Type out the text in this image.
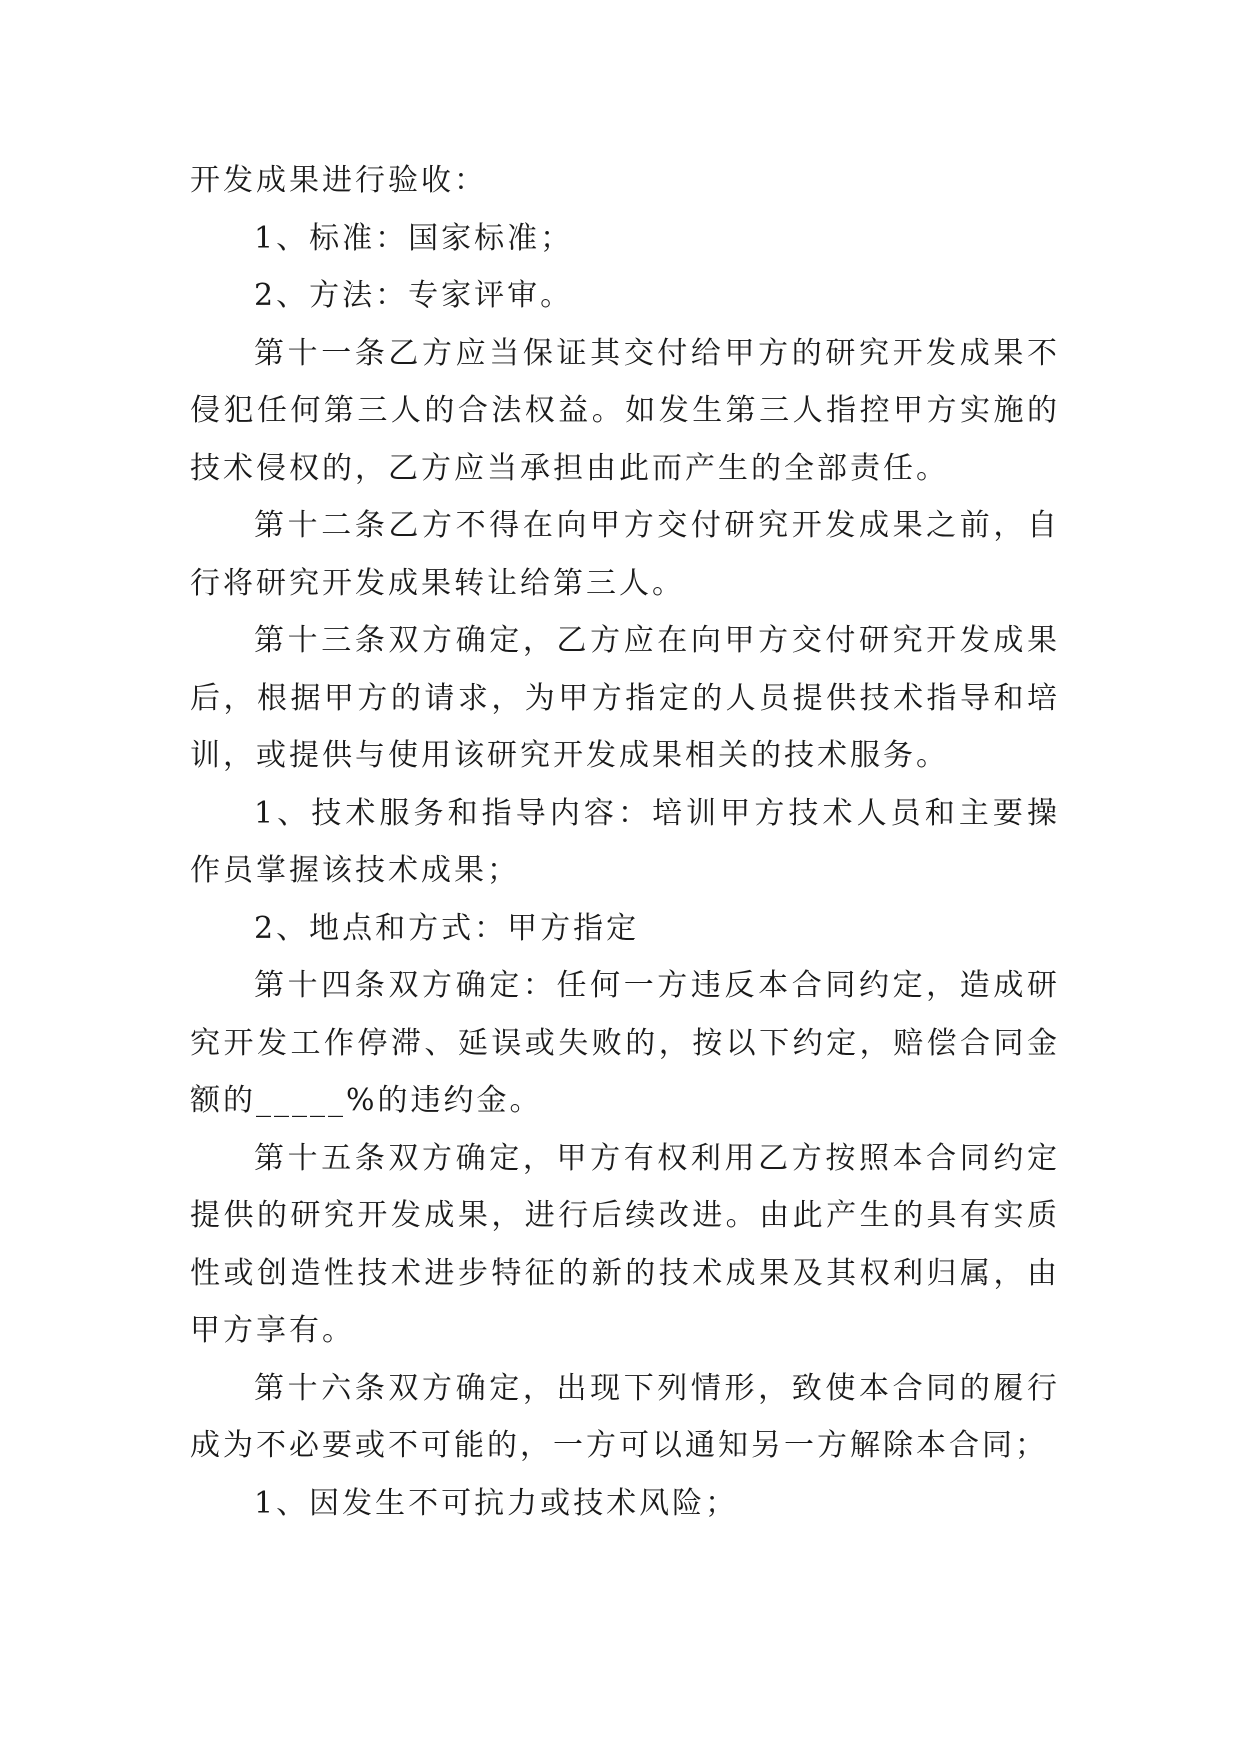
开发成果进行验收：

1、标准：国家标准；

2、方法：专家评审。

第十一条乙方应当保证其交付给甲方的研究开发成果不侵犯任何第三人的合法权益。如发生第三人指控甲方实施的技术侵权的，乙方应当承担由此而产生的全部责任。

第十二条乙方不得在向甲方交付研究开发成果之前，自行将研究开发成果转让给第三人。

第十三条双方确定，乙方应在向甲方交付研究开发成果后，根据甲方的请求，为甲方指定的人员提供技术指导和培训，或提供与使用该研究开发成果相关的技术服务。

1、技术服务和指导内容：培训甲方技术人员和主要操作员掌握该技术成果；

2、地点和方式：甲方指定

第十四条双方确定：任何一方违反本合同约定，造成研究开发工作停滞、延误或失败的，按以下约定，赔偿合同金额的_____%的违约金。

第十五条双方确定，甲方有权利用乙方按照本合同约定提供的研究开发成果，进行后续改进。由此产生的具有实质性或创造性技术进步特征的新的技术成果及其权利归属，由甲方享有。

第十六条双方确定，出现下列情形，致使本合同的履行成为不必要或不可能的，一方可以通知另一方解除本合同；

1、因发生不可抗力或技术风险；
